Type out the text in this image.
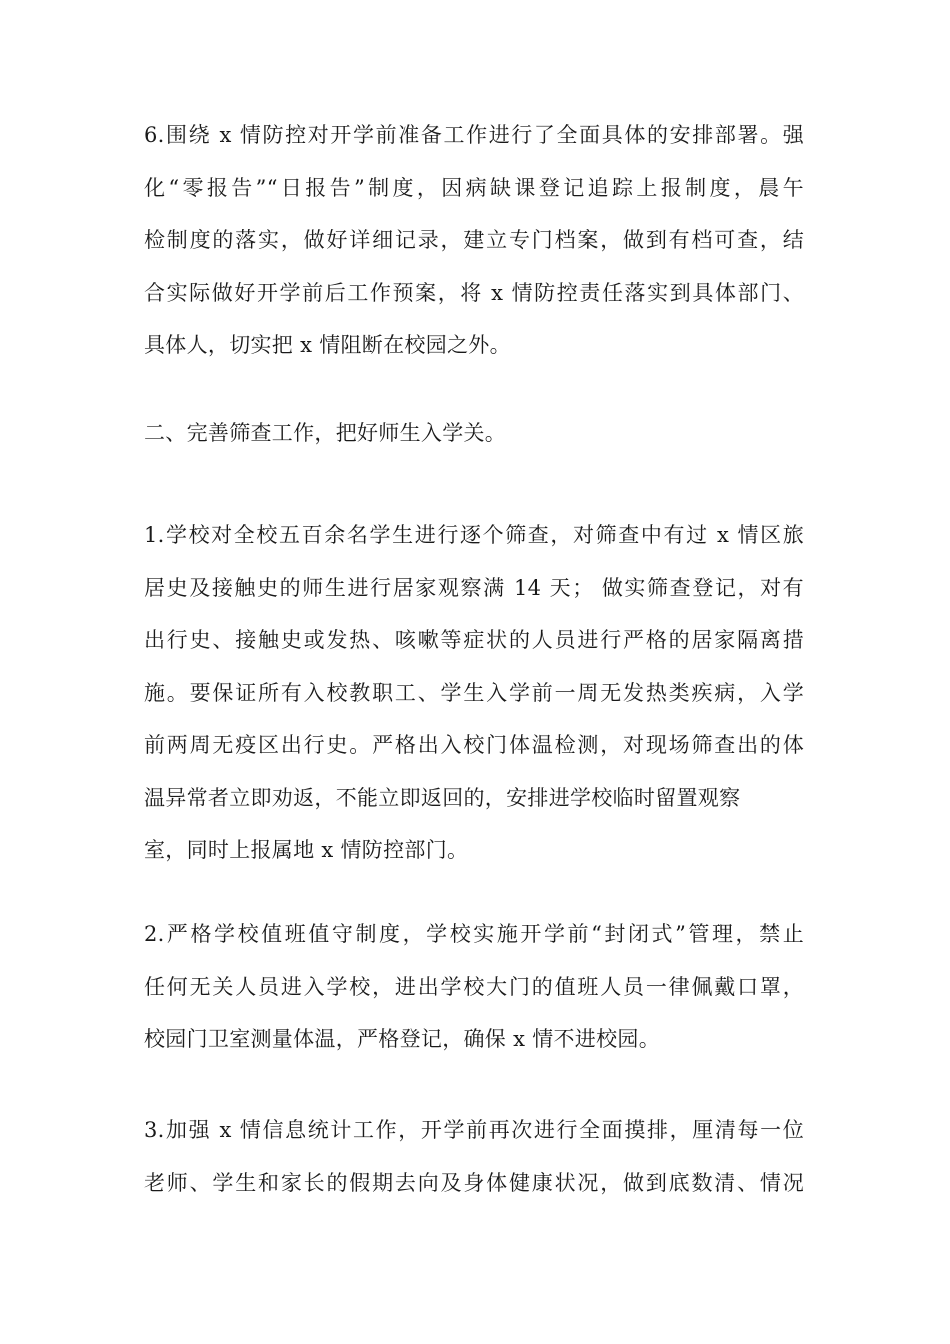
6.围绕 x 情防控对开学前准备工作进行了全面具体的安排部署。强
化“零报告”“日报告”制度，因病缺课登记追踪上报制度，晨午
检制度的落实，做好详细记录，建立专门档案，做到有档可查，结
合实际做好开学前后工作预案，将 x 情防控责任落实到具体部门、
具体人，切实把 x 情阻断在校园之外。
二、完善筛查工作，把好师生入学关。
1.学校对全校五百余名学生进行逐个筛查，对筛查中有过 x 情区旅
居史及接触史的师生进行居家观察满 14 天； 做实筛查登记，对有
出行史、接触史或发热、咳嗽等症状的人员进行严格的居家隔离措
施。要保证所有入校教职工、学生入学前一周无发热类疾病，入学
前两周无疫区出行史。严格出入校门体温检测，对现场筛查出的体
温异常者立即劝返，不能立即返回的，安排进学校临时留置观察
室，同时上报属地 x 情防控部门。
2.严格学校值班值守制度，学校实施开学前“封闭式”管理，禁止
任何无关人员进入学校，进出学校大门的值班人员一律佩戴口罩，
校园门卫室测量体温，严格登记，确保 x 情不进校园。
3.加强 x 情信息统计工作，开学前再次进行全面摸排，厘清每一位
老师、学生和家长的假期去向及身体健康状况，做到底数清、情况
